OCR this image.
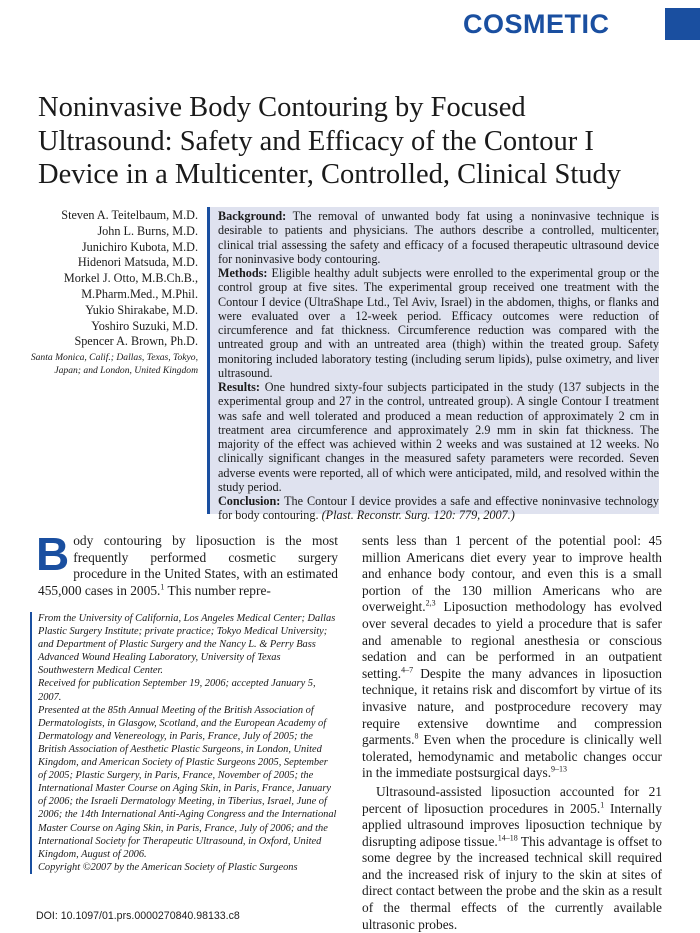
COSMETIC
Noninvasive Body Contouring by Focused
Ultrasound: Safety and Efficacy of the Contour I
Device in a Multicenter, Controlled, Clinical Study
Steven A. Teitelbaum, M.D.
John L. Burns, M.D.
Junichiro Kubota, M.D.
Hidenori Matsuda, M.D.
Morkel J. Otto, M.B.Ch.B.,
M.Pharm.Med., M.Phil.
Yukio Shirakabe, M.D.
Yoshiro Suzuki, M.D.
Spencer A. Brown, Ph.D.
Santa Monica, Calif.; Dallas, Texas, Tokyo, Japan; and London, United Kingdom

Background: The removal of unwanted body fat using a noninvasive technique is desirable to patients and physicians. The authors describe a controlled, multicenter, clinical trial assessing the safety and efficacy of a focused therapeutic ultrasound device for noninvasive body contouring.

Methods: Eligible healthy adult subjects were enrolled to the experimental group or the control group at five sites. The experimental group received one treatment with the Contour I device (UltraShape Ltd., Tel Aviv, Israel) in the abdomen, thighs, or flanks and were evaluated over a 12-week period. Efficacy outcomes were reduction of circumference and fat thickness. Circumference reduction was compared with the untreated group and with an untreated area (thigh) within the treated group. Safety monitoring included laboratory testing (including serum lipids), pulse oximetry, and liver ultrasound.

Results: One hundred sixty-four subjects participated in the study (137 subjects in the experimental group and 27 in the control, untreated group). A single Contour I treatment was safe and well tolerated and produced a mean reduction of approximately 2 cm in treatment area circumference and approximately 2.9 mm in skin fat thickness. The majority of the effect was achieved within 2 weeks and was sustained at 12 weeks. No clinically significant changes in the measured safety parameters were recorded. Seven adverse events were reported, all of which were anticipated, mild, and resolved within the study period.

Conclusion: The Contour I device provides a safe and effective noninvasive technology for body contouring. (Plast. Reconstr. Surg. 120: 779, 2007.)

Body contouring by liposuction is the most frequently performed cosmetic surgery procedure in the United States, with an estimated 455,000 cases in 2005.$^1$ This number repre-

From the University of California, Los Angeles Medical Center; Dallas Plastic Surgery Institute; private practice; Tokyo Medical University; and Department of Plastic Surgery and the Nancy L. & Perry Bass Advanced Wound Healing Laboratory, University of Texas Southwestern Medical Center.

Received for publication September 19, 2006; accepted January 5, 2007.

Presented at the 85th Annual Meeting of the British Association of Dermatologists, in Glasgow, Scotland, and the European Academy of Dermatology and Venereology, in Paris, France, July of 2005; the British Association of Aesthetic Plastic Surgeons, in London, United Kingdom, and American Society of Plastic Surgeons 2005, September of 2005; Plastic Surgery, in Paris, France, November of 2005; the International Master Course on Aging Skin, in Paris, France, January of 2006; the Israeli Dermatology Meeting, in Tiberius, Israel, June of 2006; the 14th International Anti-Aging Congress and the International Master Course on Aging Skin, in Paris, France, July of 2006; and the International Society for Therapeutic Ultrasound, in Oxford, United Kingdom, August of 2006.

Copyright ©2007 by the American Society of Plastic Surgeons

DOI: 10.1097/01.prs.0000270840.98133.c8

sents less than 1 percent of the potential pool: 45 million Americans diet every year to improve health and enhance body contour, and even this is a small portion of the 130 million Americans who are overweight.$^{2,3}$ Liposuction methodology has evolved over several decades to yield a procedure that is safer and amenable to regional anesthesia or conscious sedation and can be performed in an outpatient setting.$^{4-7}$ Despite the many advances in liposuction technique, it retains risk and discomfort by virtue of its invasive nature, and postprocedure recovery may require extensive downtime and compression garments.$^8$ Even when the procedure is clinically well tolerated, hemodynamic and metabolic changes occur in the immediate postsurgical days.$^{9-13}$

Ultrasound-assisted liposuction accounted for 21 percent of liposuction procedures in 2005.$^1$ Internally applied ultrasound improves liposuction technique by disrupting adipose tissue.$^{14-18}$ This advantage is offset to some degree by the increased technical skill required and the increased risk of injury to the skin at sites of direct contact between the probe and the skin as a result of the thermal effects of the currently available ultrasonic probes.
